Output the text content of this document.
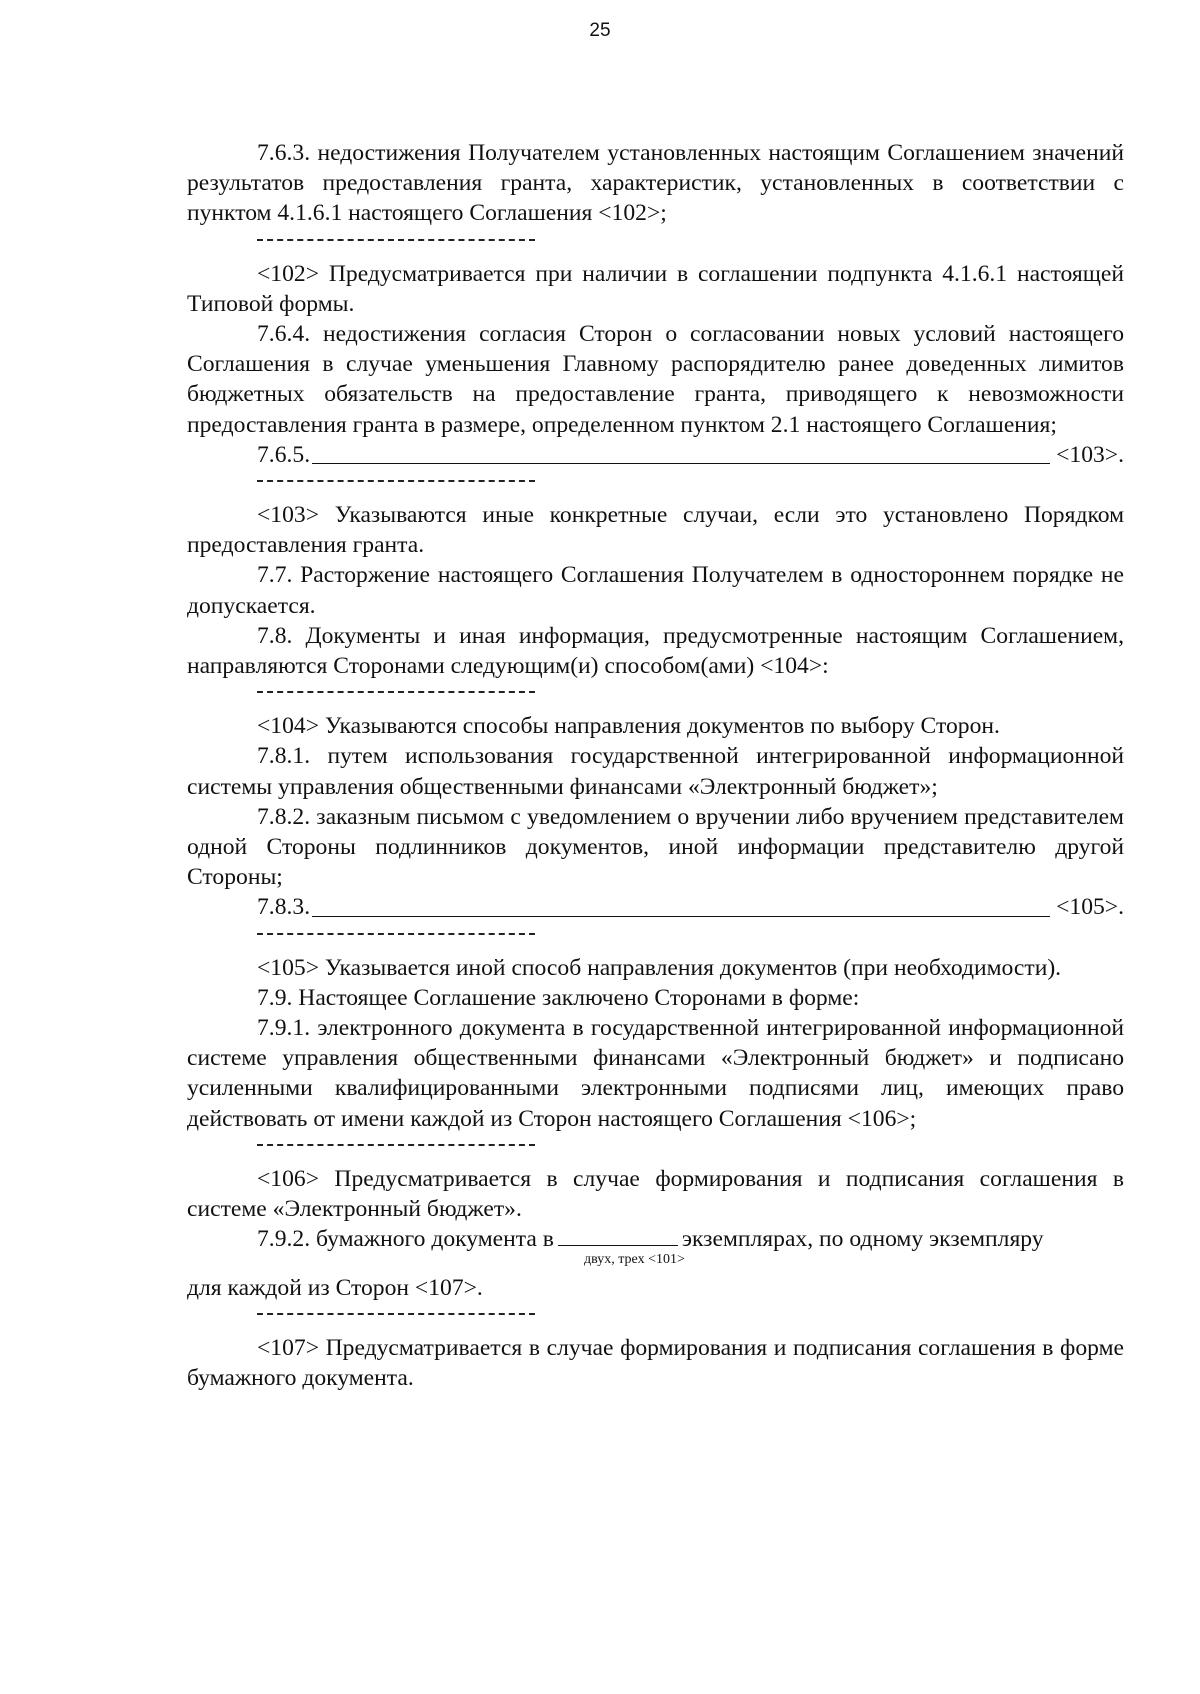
25

7.6.3. недостижения Получателем установленных настоящим Соглашением значений результатов предоставления гранта, характеристик, установленных в соответствии с пунктом 4.1.6.1 настоящего Соглашения <102>;

<102> Предусматривается при наличии в соглашении подпункта 4.1.6.1 настоящей Типовой формы.

7.6.4. недостижения согласия Сторон о согласовании новых условий настоящего Соглашения в случае уменьшения Главному распорядителю ранее доведенных лимитов бюджетных обязательств на предоставление гранта, приводящего к невозможности предоставления гранта в размере, определенном пунктом 2.1 настоящего Соглашения;

7.6.5.	<103>.

<103> Указываются иные конкретные случаи, если это установлено Порядком предоставления гранта.

7.7. Расторжение настоящего Соглашения Получателем в одностороннем порядке не допускается.

7.8. Документы и иная информация, предусмотренные настоящим Соглашением, направляются Сторонами следующим(и) способом(ами) <104>:

<104> Указываются способы направления документов по выбору Сторон.

7.8.1. путем использования государственной интегрированной информационной системы управления общественными финансами «Электронный бюджет»;

7.8.2. заказным письмом с уведомлением о вручении либо вручением представителем одной Стороны подлинников документов, иной информации представителю другой Стороны;

7.8.3.	<105>.

<105> Указывается иной способ направления документов (при необходимости).

7.9. Настоящее Соглашение заключено Сторонами в форме:

7.9.1. электронного документа в государственной интегрированной информационной системе управления общественными финансами «Электронный бюджет» и подписано усиленными квалифицированными электронными подписями лиц, имеющих право действовать от имени каждой из Сторон настоящего Соглашения <106>;

<106> Предусматривается в случае формирования и подписания соглашения в системе «Электронный бюджет».

7.9.2. бумажного документа в	экземплярах, по одному экземпляру
двух, трех <101>

для каждой из Сторон <107>.

<107> Предусматривается в случае формирования и подписания соглашения в форме бумажного документа.
